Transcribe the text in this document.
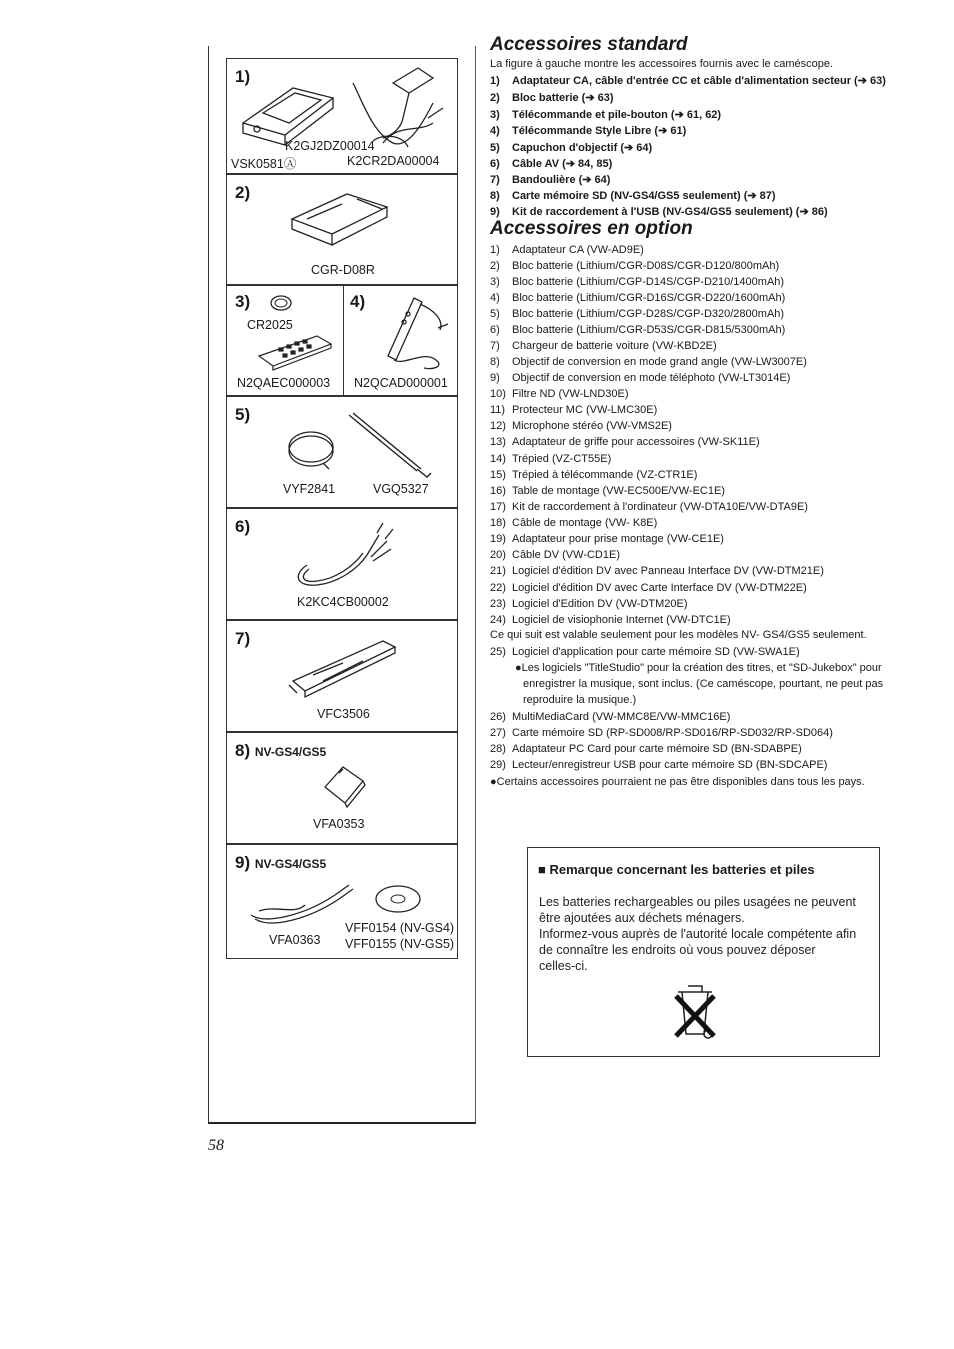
1)
K2GJ2DZ00014
VSK0581Ⓐ	K2CR2DA00004
2)
CGR-D08R
3)
CR2025
N2QAEC000003
4)
N2QCAD000001
5)
VYF2841	VGQ5327
6)
K2KC4CB00002
7)
VFC3506
8) NV-GS4/GS5
VFA0353
9) NV-GS4/GS5
VFF0154 (NV-GS4)
VFF0155 (NV-GS5)
VFA0363
Accessoires standard
La figure à gauche montre les accessoires fournis avec le caméscope.
1) Adaptateur CA, câble d'entrée CC et câble d'alimentation secteur (➔ 63)
2) Bloc batterie (➔ 63)
3) Télécommande et pile-bouton (➔ 61, 62)
4) Télécommande Style Libre (➔ 61)
5) Capuchon d'objectif (➔ 64)
6) Câble AV (➔ 84, 85)
7) Bandoulière (➔ 64)
8) Carte mémoire SD (NV-GS4/GS5 seulement) (➔ 87)
9) Kit de raccordement à l'USB (NV-GS4/GS5 seulement) (➔ 86)
Accessoires en option
1) Adaptateur CA (VW-AD9E)
2) Bloc batterie (Lithium/CGR-D08S/CGR-D120/800mAh)
3) Bloc batterie (Lithium/CGP-D14S/CGP-D210/1400mAh)
4) Bloc batterie (Lithium/CGR-D16S/CGR-D220/1600mAh)
5) Bloc batterie (Lithium/CGP-D28S/CGP-D320/2800mAh)
6) Bloc batterie (Lithium/CGR-D53S/CGR-D815/5300mAh)
7) Chargeur de batterie voiture (VW-KBD2E)
8) Objectif de conversion en mode grand angle (VW-LW3007E)
9) Objectif de conversion en mode téléphoto (VW-LT3014E)
10) Filtre ND (VW-LND30E)
11) Protecteur MC (VW-LMC30E)
12) Microphone stéréo (VW-VMS2E)
13) Adaptateur de griffe pour accessoires (VW-SK11E)
14) Trépied (VZ-CT55E)
15) Trépied à télécommande (VZ-CTR1E)
16) Table de montage (VW-EC500E/VW-EC1E)
17) Kit de raccordement à l'ordinateur (VW-DTA10E/VW-DTA9E)
18) Câble de montage (VW- K8E)
19) Adaptateur pour prise montage (VW-CE1E)
20) Câble DV (VW-CD1E)
21) Logiciel d'édition DV avec Panneau Interface DV (VW-DTM21E)
22) Logiciel d'édition DV avec Carte Interface DV (VW-DTM22E)
23) Logiciel d'Edition DV (VW-DTM20E)
24) Logiciel de visiophonie Internet (VW-DTC1E)
Ce qui suit est valable seulement pour les modèles NV- GS4/GS5 seulement.
25) Logiciel d'application pour carte mémoire SD (VW-SWA1E)
●Les logiciels "TitleStudio" pour la création des titres, et "SD-Jukebox" pour
enregistrer la musique, sont inclus. (Ce caméscope, pourtant, ne peut pas
reproduire la musique.)
26) MultiMediaCard (VW-MMC8E/VW-MMC16E)
27) Carte mémoire SD (RP-SD008/RP-SD016/RP-SD032/RP-SD064)
28) Adaptateur PC Card pour carte mémoire SD (BN-SDABPE)
29) Lecteur/enregistreur USB pour carte mémoire SD (BN-SDCAPE)
●Certains accessoires pourraient ne pas être disponibles dans tous les pays.
■ Remarque concernant les batteries et piles
Les batteries rechargeables ou piles usagées ne peuvent
être ajoutées aux déchets ménagers.
Informez-vous auprès de l'autorité locale compétente afin
de connaître les endroits où vous pouvez déposer
celles-ci.
58
